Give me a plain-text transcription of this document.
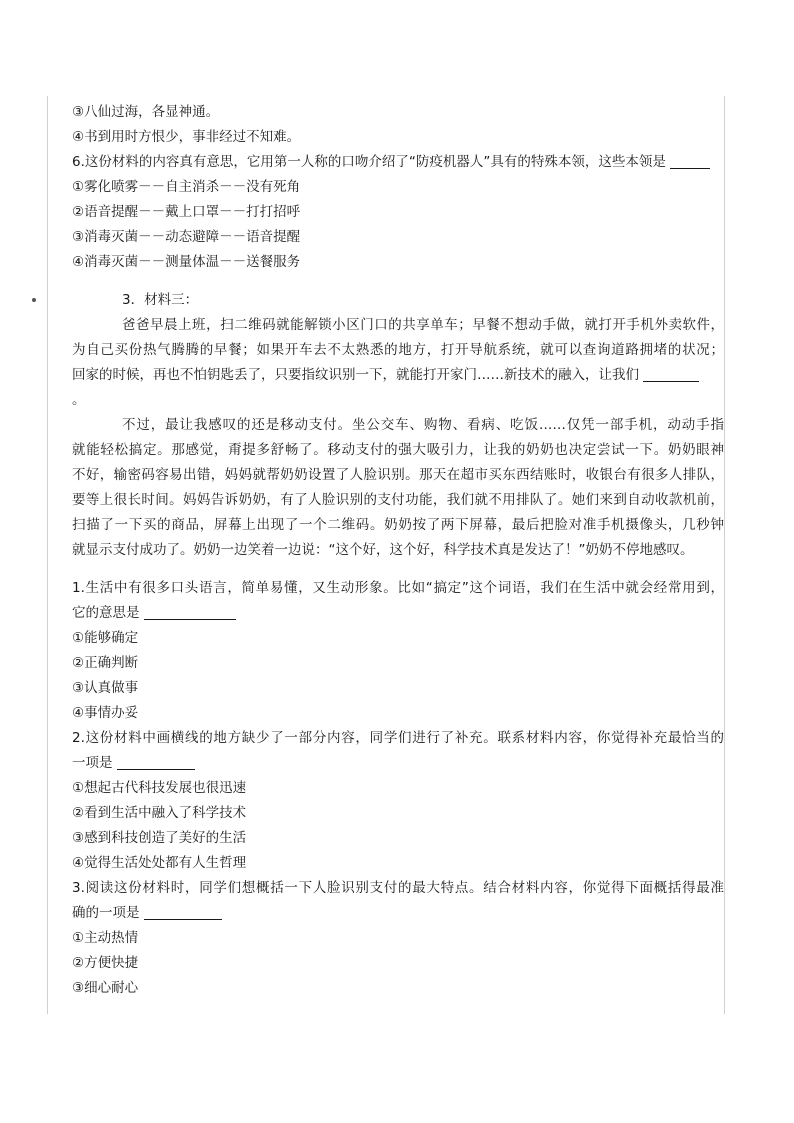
③八仙过海，各显神通。
④书到用时方恨少，事非经过不知难。
6.这份材料的内容真有意思，它用第一人称的口吻介绍了“防疫机器人”具有的特殊本领，这些本领是
①雾化喷雾－－自主消杀－－没有死角
②语音提醒－－戴上口罩－－打打招呼
③消毒灭菌－－动态避障－－语音提醒
④消毒灭菌－－测量体温－－送餐服务
3．材料三：
爸爸早晨上班，扫二维码就能解锁小区门口的共享单车；早餐不想动手做，就打开手机外卖软件，
为自己买份热气腾腾的早餐；如果开车去不太熟悉的地方，打开导航系统，就可以查询道路拥堵的状况；
回家的时候，再也不怕钥匙丢了，只要指纹识别一下，就能打开家门……新技术的融入，让我们
。
不过，最让我感叹的还是移动支付。坐公交车、购物、看病、吃饭……仅凭一部手机，动动手指
就能轻松搞定。那感觉，甭提多舒畅了。移动支付的强大吸引力，让我的奶奶也决定尝试一下。奶奶眼神
不好，输密码容易出错，妈妈就帮奶奶设置了人脸识别。那天在超市买东西结账时，收银台有很多人排队，
要等上很长时间。妈妈告诉奶奶，有了人脸识别的支付功能，我们就不用排队了。她们来到自动收款机前，
扫描了一下买的商品，屏幕上出现了一个二维码。奶奶按了两下屏幕，最后把脸对准手机摄像头，几秒钟
就显示支付成功了。奶奶一边笑着一边说：“这个好，这个好，科学技术真是发达了！”奶奶不停地感叹。
1.生活中有很多口头语言，简单易懂，又生动形象。比如“搞定”这个词语，我们在生活中就会经常用到，
它的意思是
①能够确定
②正确判断
③认真做事
④事情办妥
2.这份材料中画横线的地方缺少了一部分内容，同学们进行了补充。联系材料内容，你觉得补充最恰当的
一项是
①想起古代科技发展也很迅速
②看到生活中融入了科学技术
③感到科技创造了美好的生活
④觉得生活处处都有人生哲理
3.阅读这份材料时，同学们想概括一下人脸识别支付的最大特点。结合材料内容，你觉得下面概括得最准
确的一项是
①主动热情
②方便快捷
③细心耐心
